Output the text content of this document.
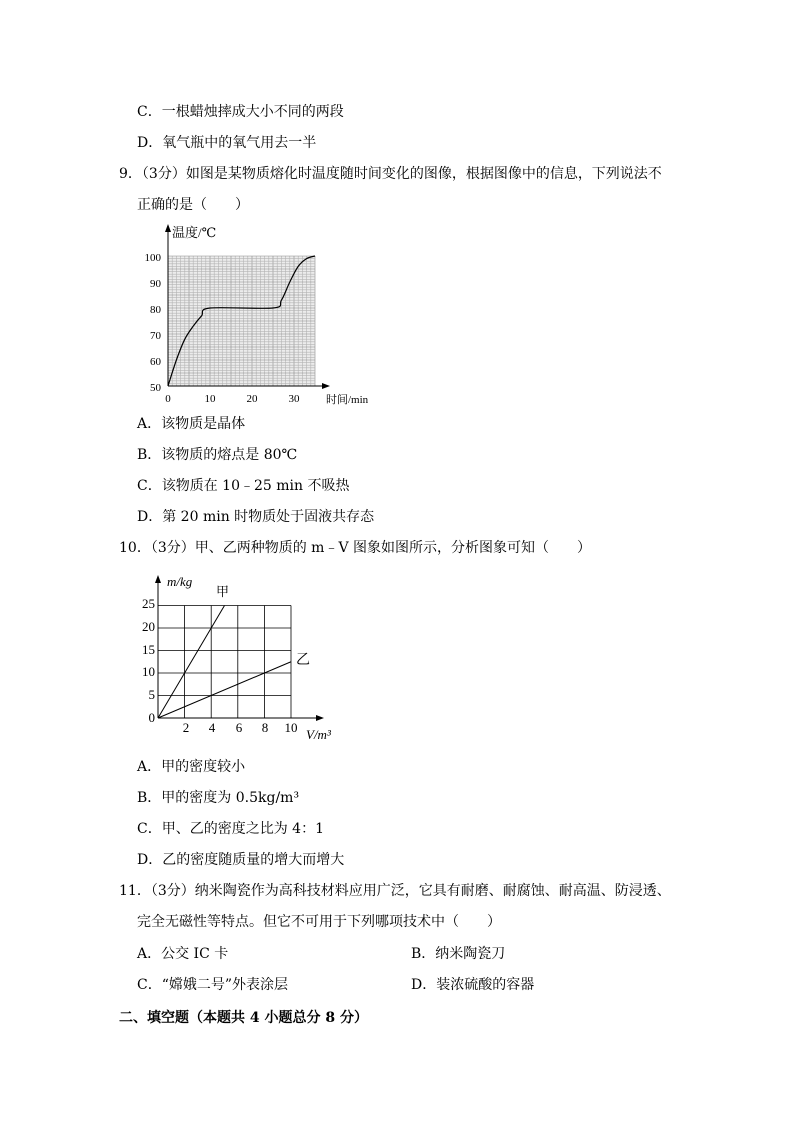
C．一根蜡烛摔成大小不同的两段
D．氧气瓶中的氧气用去一半
9．（3分）如图是某物质熔化时温度随时间变化的图像，根据图像中的信息，下列说法不
正确的是（　　）
温度/℃
时间/min
100
90
80
70
60
50
0	10	20	30
A．该物质是晶体
B．该物质的熔点是 80℃
C．该物质在 10﹣25 min 不吸热
D．第 20 min 时物质处于固液共存态
10．（3分）甲、乙两种物质的 m﹣V 图象如图所示，分析图象可知（　　）
甲
乙
m/kg
V/m³
25
20
15
10
5
0
2 4 6 8 10
A．甲的密度较小
B．甲的密度为 0.5kg/m³
C．甲、乙的密度之比为 4：1
D．乙的密度随质量的增大而增大
11．（3分）纳米陶瓷作为高科技材料应用广泛，它具有耐磨、耐腐蚀、耐高温、防浸透、
完全无磁性等特点。但它不可用于下列哪项技术中（　　）
A．公交 IC 卡	B．纳米陶瓷刀
C．“嫦娥二号”外表涂层	D．装浓硫酸的容器
二、填空题（本题共 4 小题总分 8 分）
